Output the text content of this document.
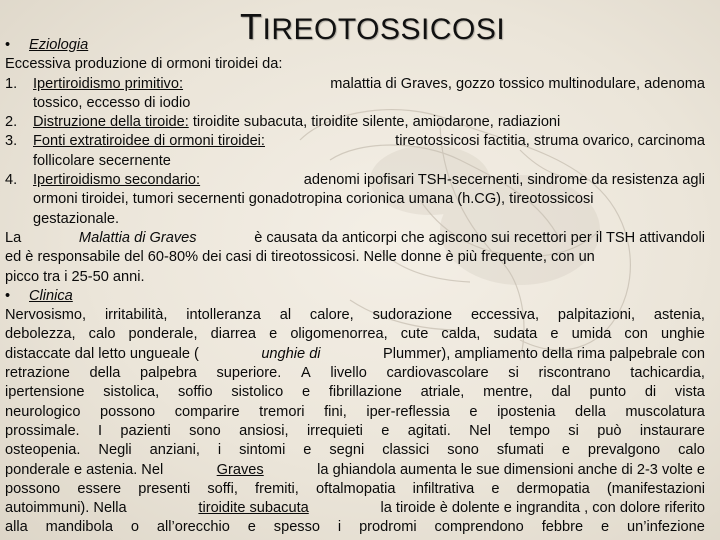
TIREOTOSSICOSI
• Eziologia
Eccessiva produzione di ormoni tiroidei da:
1. Ipertiroidismo primitivo:	malattia di Graves, gozzo tossico multinodulare, adenoma
tossico, eccesso di iodio
2. Distruzione della tiroide: tiroidite subacuta, tiroidite silente, amiodarone, radiazioni
3. Fonti extratiroidee di ormoni tiroidei:	tireotossicosi factitia, struma ovarico, carcinoma
follicolare secernente
4. Ipertiroidismo secondario:	adenomi ipofisari TSH-secernenti, sindrome da resistenza agli
ormoni tiroidei, tumori secernenti gonadotropina corionica umana (h.CG), tireotossicosi
gestazionale.
La	Malattia di Graves	è causata da anticorpi che agiscono sui recettori per il TSH attivandoli
ed è responsabile del 60-80% dei casi di tireotossicosi. Nelle donne è più frequente, con un
picco tra i 25-50 anni.
• Clinica
Nervosismo, irritabilità, intolleranza al calore, sudorazione eccessiva, palpitazioni, astenia,
debolezza, calo ponderale, diarrea e oligomenorrea, cute calda, sudata e umida con unghie
distaccate dal letto ungueale (	unghie di	Plummer), ampliamento della rima palpebrale con
retrazione della palpebra superiore. A livello cardiovascolare si riscontrano tachicardia,
ipertensione sistolica, soffio sistolico e fibrillazione atriale, mentre, dal punto di vista
neurologico possono comparire tremori fini, iper-reflessia e ipostenia della muscolatura
prossimale. I pazienti sono ansiosi, irrequieti e agitati. Nel tempo si può instaurare
osteopenia. Negli anziani, i sintomi e segni classici sono sfumati e prevalgono calo
ponderale e astenia. Nel	Graves	la ghiandola aumenta le sue dimensioni anche di 2-3 volte e
possono essere presenti soffi, fremiti, oftalmopatia infiltrativa e dermopatia (manifestazioni
autoimmuni). Nella	tiroidite subacuta	la tiroide è dolente e ingrandita , con dolore riferito
alla mandibola o all’orecchio e spesso i prodromi comprendono febbre e un’infezione
